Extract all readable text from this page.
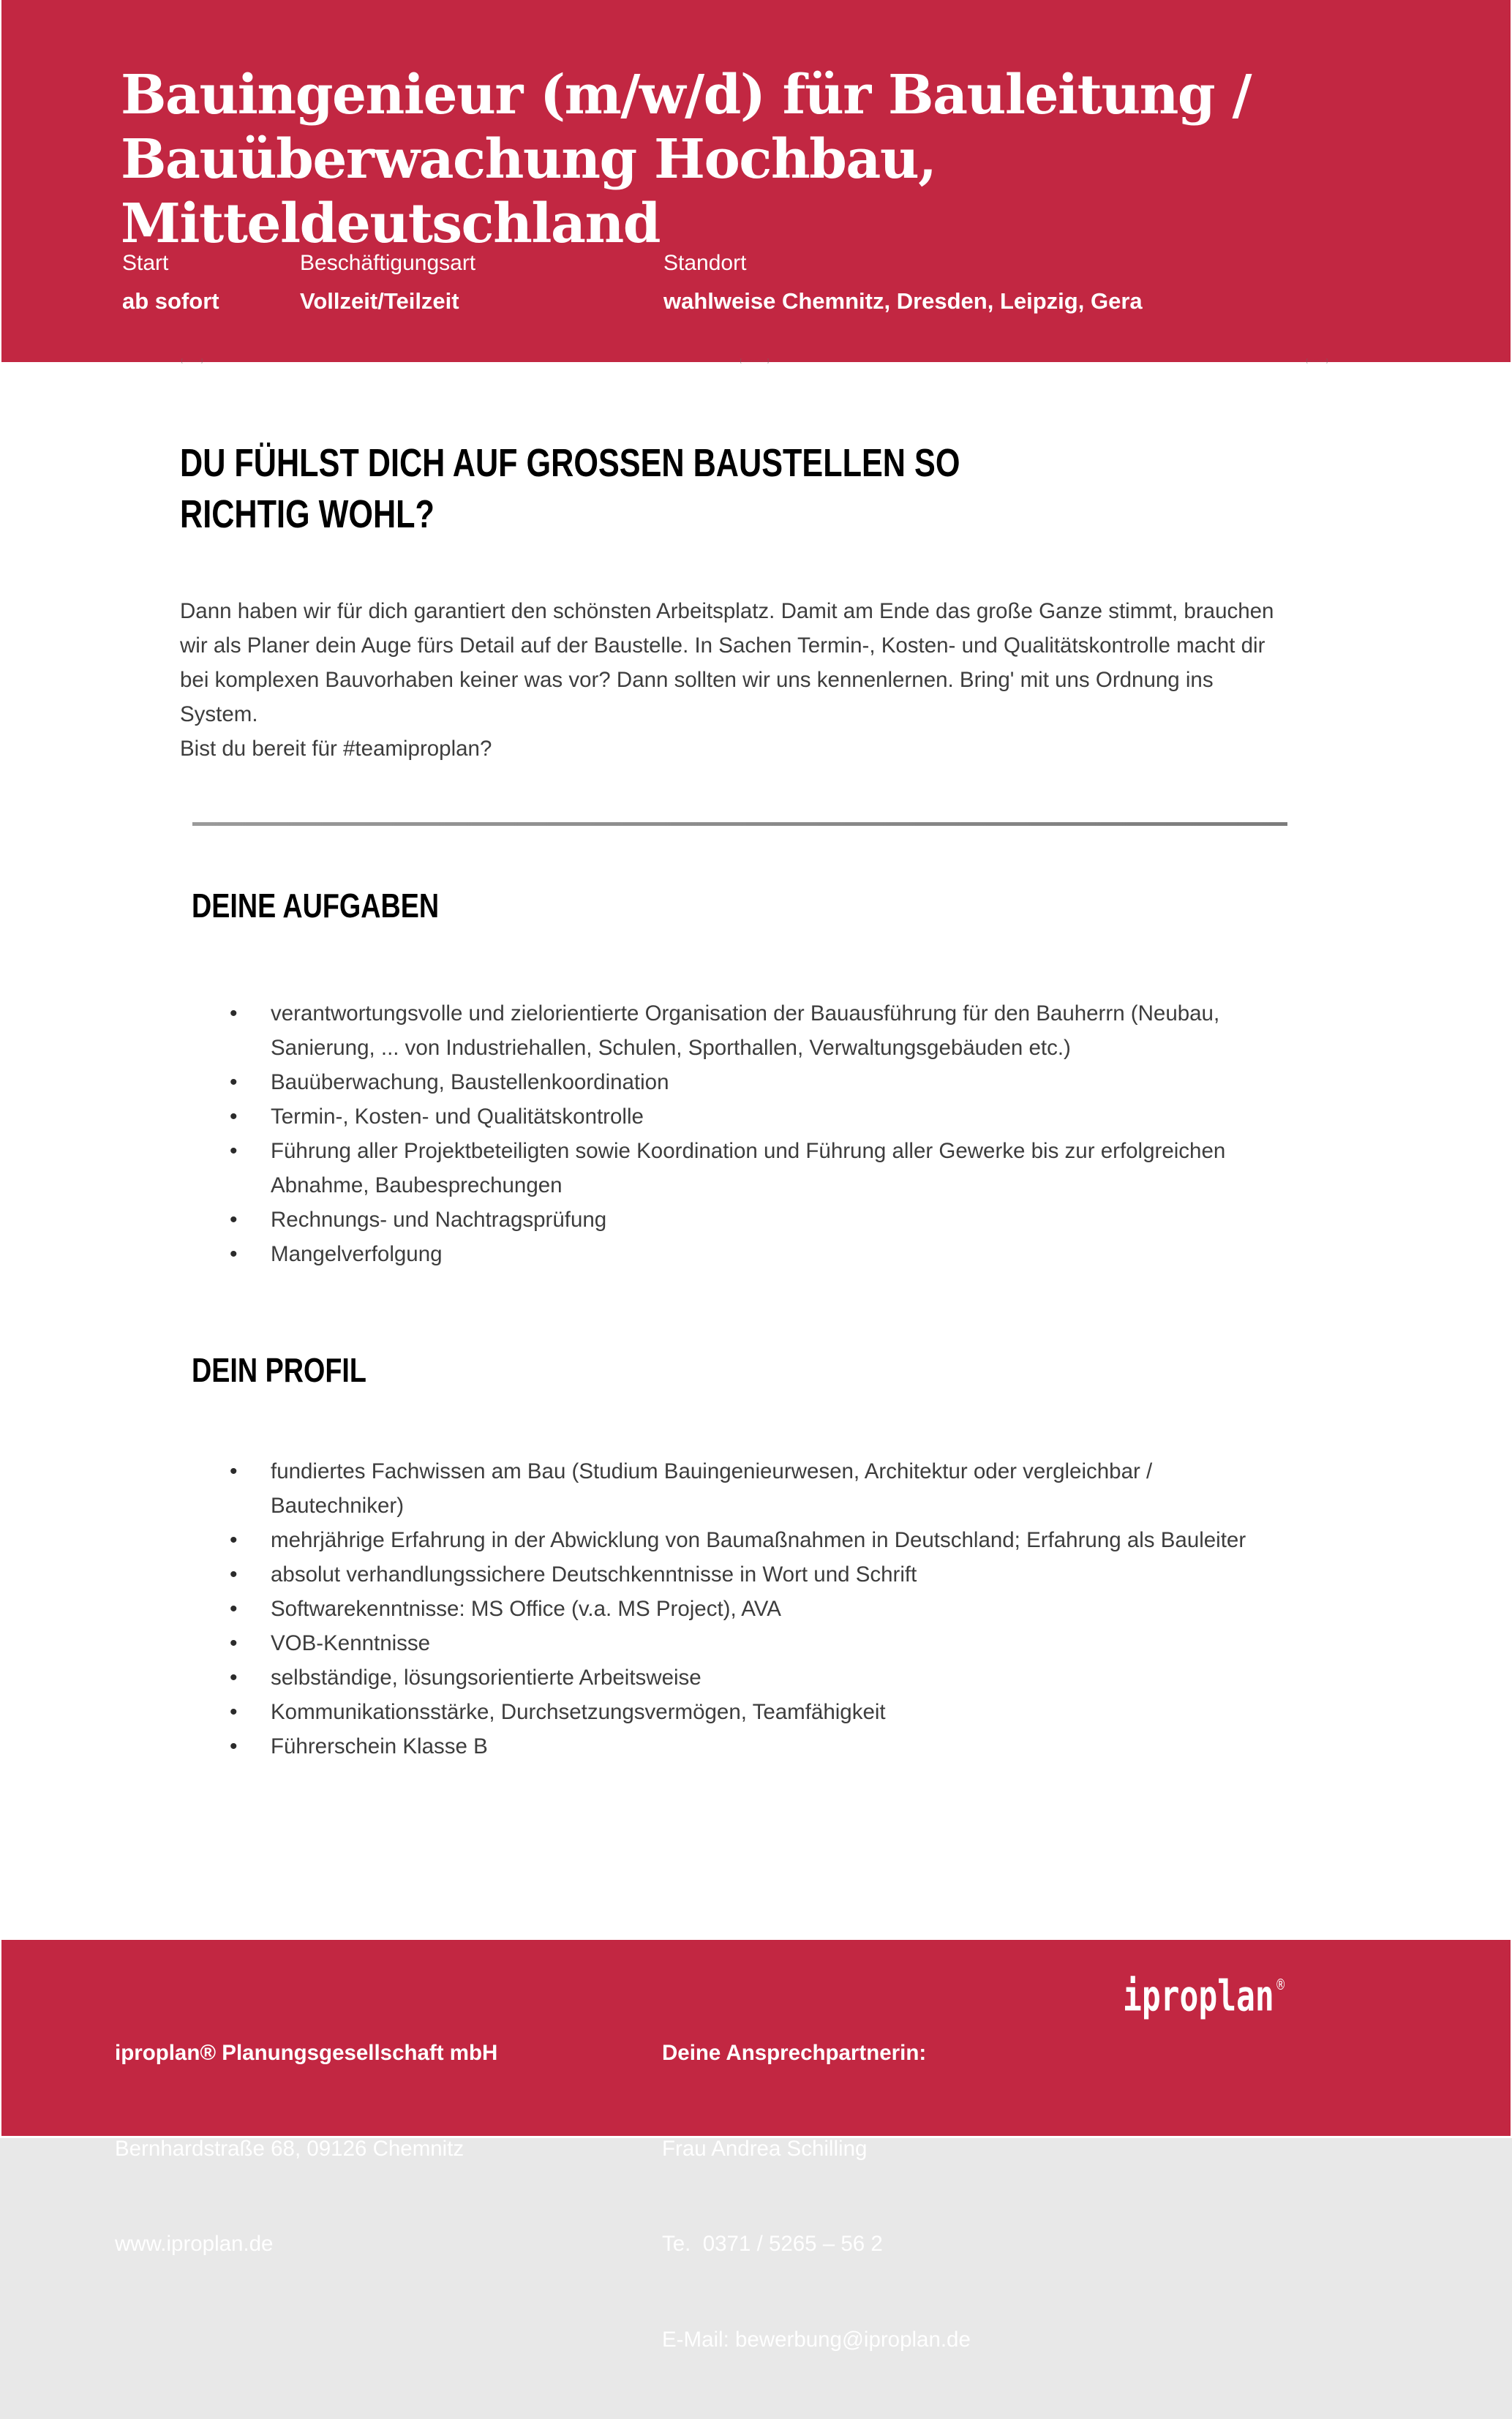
Bauingenieur (m/w/d) für Bauleitung / Bauüberwachung Hochbau, Mitteldeutschland
Start
ab sofort
Beschäftigungsart
Vollzeit/Teilzeit
Standort
wahlweise Chemnitz, Dresden, Leipzig, Gera
[··········]	[··············]	[··········]
DU FÜHLST DICH AUF GROSSEN BAUSTELLEN SO RICHTIG WOHL?

Dann haben wir für dich garantiert den schönsten Arbeitsplatz. Damit am Ende das große Ganze stimmt, brauchen wir als Planer dein Auge fürs Detail auf der Baustelle. In Sachen Termin-, Kosten- und Qualitätskontrolle macht dir bei komplexen Bauvorhaben keiner was vor? Dann sollten wir uns kennenlernen. Bring' mit uns Ordnung ins System.

Bist du bereit für #teamiproplan?

DEINE AUFGABEN
• verantwortungsvolle und zielorientierte Organisation der Bauausführung für den Bauherrn (Neubau, Sanierung, ... von Industriehallen, Schulen, Sporthallen, Verwaltungsgebäuden etc.)
• Bauüberwachung, Baustellenkoordination
• Termin-, Kosten- und Qualitätskontrolle
• Führung aller Projektbeteiligten sowie Koordination und Führung aller Gewerke bis zur erfolgreichen Abnahme, Baubesprechungen
• Rechnungs- und Nachtragsprüfung
• Mangelverfolgung
DEIN PROFIL
• fundiertes Fachwissen am Bau (Studium Bauingenieurwesen, Architektur oder vergleichbar / Bautechniker)
• mehrjährige Erfahrung in der Abwicklung von Baumaßnahmen in Deutschland; Erfahrung als Bauleiter
• absolut verhandlungssichere Deutschkenntnisse in Wort und Schrift
• Softwarekenntnisse: MS Office (v.a. MS Project), AVA
• VOB-Kenntnisse
• selbständige, lösungsorientierte Arbeitsweise
• Kommunikationsstärke, Durchsetzungsvermögen, Teamfähigkeit
• Führerschein Klasse B

iproplan® Planungsgesellschaft mbH

Bernhardstraße 68, 09126 Chemnitz

www.iproplan.de

Deine Ansprechpartnerin:

Frau Andrea Schilling

Te.  0371 / 5265 – 56 2

E-Mail: bewerbung@iproplan.de

iproplan®
